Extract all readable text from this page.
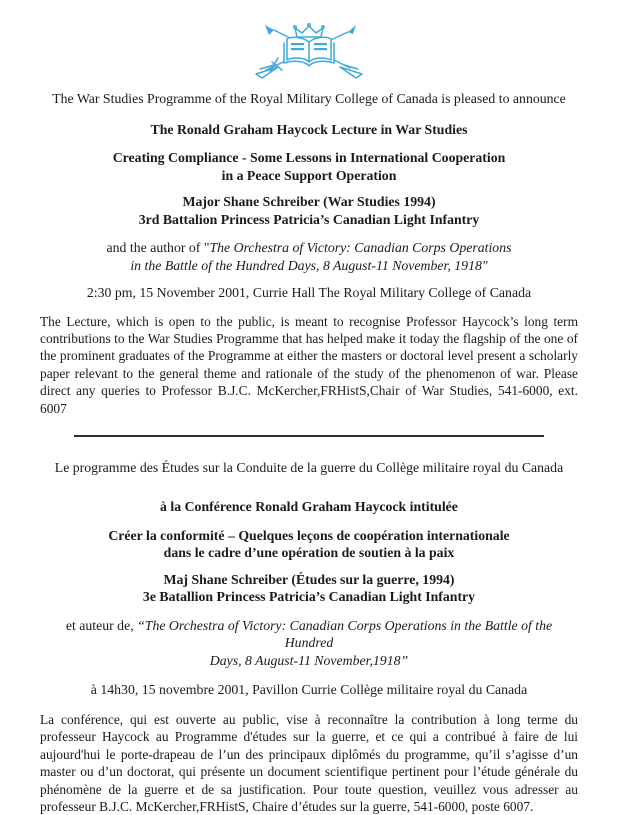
The War Studies Programme of the Royal Military College of Canada is pleased to announce

The Ronald Graham Haycock Lecture in War Studies

Creating Compliance - Some Lessons in International Cooperation
in a Peace Support Operation

Major Shane Schreiber (War Studies 1994)
3rd Battalion Princess Patricia’s Canadian Light Infantry

and the author of "The Orchestra of Victory: Canadian Corps Operations
in the Battle of the Hundred Days, 8 August-11 November, 1918"

2:30 pm, 15 November 2001, Currie Hall The Royal Military College of Canada

The Lecture, which is open to the public, is meant to recognise Professor Haycock’s long term contributions to the War Studies Programme that has helped make it today the flagship of the one of the prominent graduates of the Programme at either the masters or doctoral level present a scholarly paper relevant to the general theme and rationale of the study of the phenomenon of war. Please direct any queries to Professor B.J.C. McKercher,FRHistS,Chair of War Studies, 541-6000, ext. 6007

Le programme des Études sur la Conduite de la guerre du Collège militaire royal du Canada

à la Conférence Ronald Graham Haycock intitulée

Créer la conformité – Quelques leçons de coopération internationale
dans le cadre d’une opération de soutien à la paix

Maj Shane Schreiber (Études sur la guerre, 1994)
3e Batallion Princess Patricia’s Canadian Light Infantry

et auteur de, “The Orchestra of Victory: Canadian Corps Operations in the Battle of the Hundred
Days, 8 August-11 November,1918”

à 14h30, 15 novembre 2001, Pavillon Currie Collège militaire royal du Canada

La conférence, qui est ouverte au public, vise à reconnaître la contribution à long terme du professeur Haycock au Programme d'études sur la guerre, et ce qui a contribué à faire de lui aujourd'hui le porte-drapeau de l’un des principaux diplômés du programme, qu’il s’agisse d’un master ou d’un doctorat, qui présente un document scientifique pertinent pour l’étude générale du phénomène de la guerre et de sa justification. Pour toute question, veuillez vous adresser au professeur B.J.C. McKercher,FRHistS, Chaire d’études sur la guerre, 541-6000, poste 6007.
